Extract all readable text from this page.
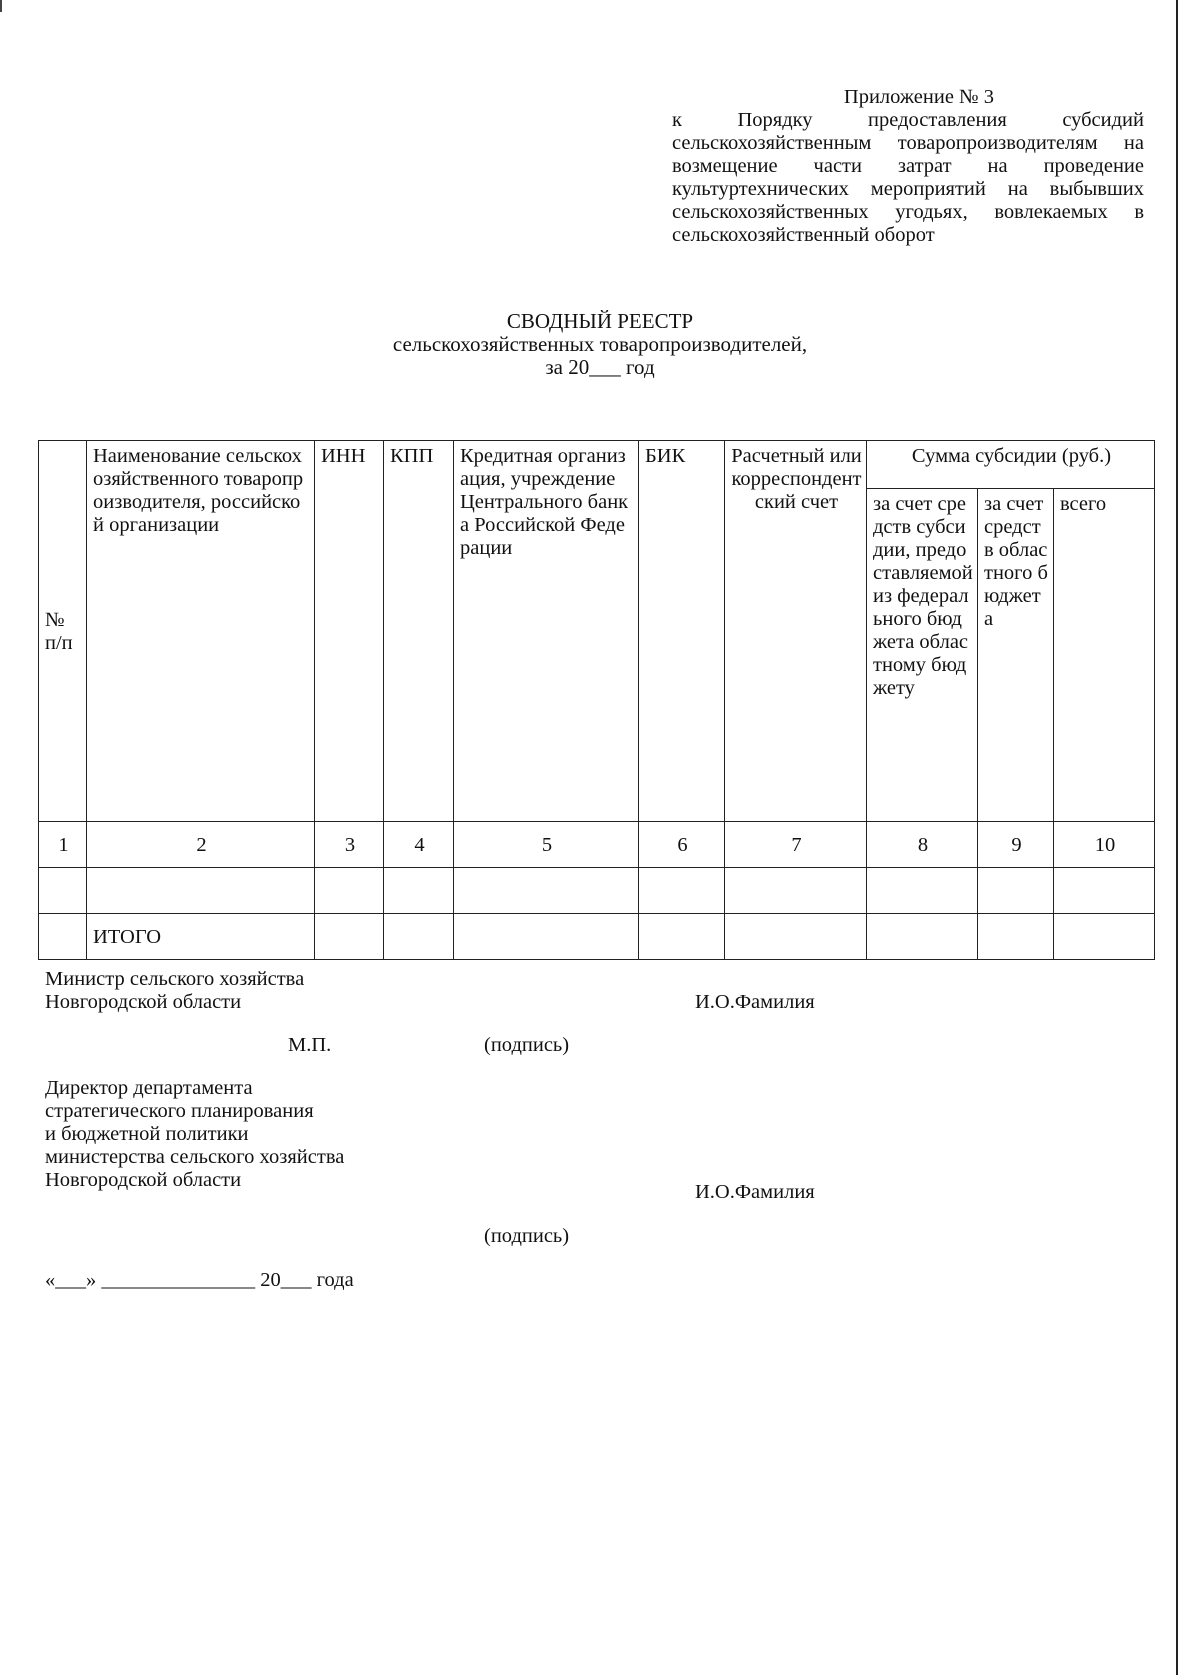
Приложение № 3
к Порядку предоставления субсидий сельскохозяйственным товаропроизводителям на возмещение части затрат на проведение культуртехнических мероприятий на выбывших сельскохозяйственных угодьях, вовлекаемых в сельскохозяйственный оборот
СВОДНЫЙ РЕЕСТР
сельскохозяйственных товаропроизводителей,
за 20___ год
№ п/п	Наименование сельскохозяйственного товаропроизводителя, российской организации	ИНН	КПП	Кредитная организация, учреждение Центрального банка Российской Федерации	БИК	Расчетный или корреспондентский счет	Сумма субсидии (руб.)		
							за счет средств субсидии, предоставляемой из федерального бюджета областному бюджету	за счет средств областного бюджета	всего
1	2	3	4	5	6	7	8	9	10

	ИТОГО								
Министр сельского хозяйства
Новгородской области	И.О.Фамилия
М.П.	(подпись)
Директор департамента
стратегического планирования
и бюджетной политики
министерства сельского хозяйства
Новгородской области
И.О.Фамилия
(подпись)
«___» _______________ 20___ года
